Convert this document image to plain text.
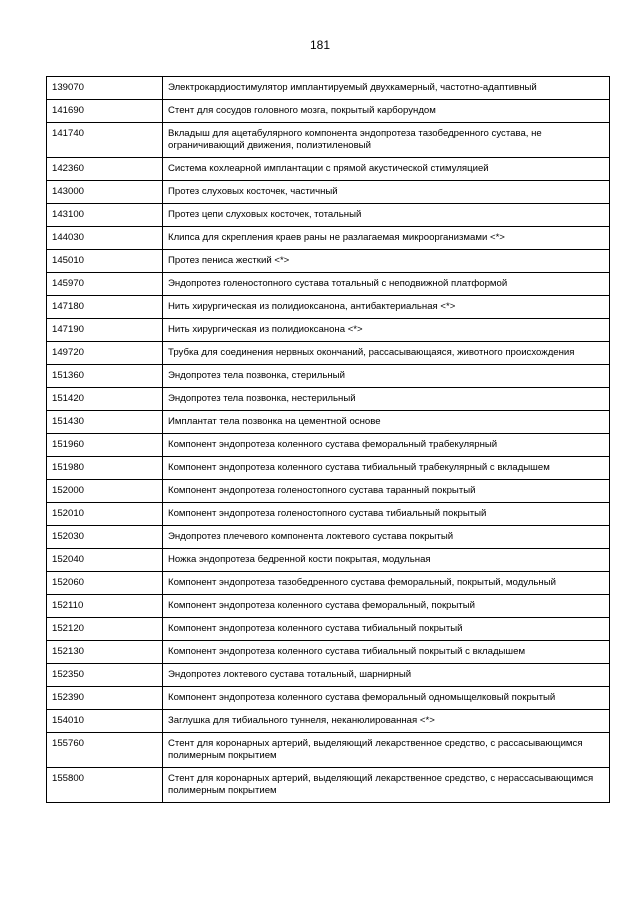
181
139070	Электрокардиостимулятор имплантируемый двухкамерный, частотно-адаптивный
141690	Стент для сосудов головного мозга, покрытый карборундом
141740	Вкладыш для ацетабулярного компонента эндопротеза тазобедренного сустава, не ограничивающий движения, полиэтиленовый
142360	Система кохлеарной имплантации с прямой акустической стимуляцией
143000	Протез слуховых косточек, частичный
143100	Протез цепи слуховых косточек, тотальный
144030	Клипса для скрепления краев раны не разлагаемая микроорганизмами <*>
145010	Протез пениса жесткий <*>
145970	Эндопротез голеностопного сустава тотальный с неподвижной платформой
147180	Нить хирургическая из полидиоксанона, антибактериальная <*>
147190	Нить хирургическая из полидиоксанона <*>
149720	Трубка для соединения нервных окончаний, рассасывающаяся, животного происхождения
151360	Эндопротез тела позвонка, стерильный
151420	Эндопротез тела позвонка, нестерильный
151430	Имплантат тела позвонка на цементной основе
151960	Компонент эндопротеза коленного сустава феморальный трабекулярный
151980	Компонент эндопротеза коленного сустава тибиальный трабекулярный с вкладышем
152000	Компонент эндопротеза голеностопного сустава таранный покрытый
152010	Компонент эндопротеза голеностопного сустава тибиальный покрытый
152030	Эндопротез плечевого компонента локтевого сустава покрытый
152040	Ножка эндопротеза бедренной кости покрытая, модульная
152060	Компонент эндопротеза тазобедренного сустава феморальный, покрытый, модульный
152110	Компонент эндопротеза коленного сустава феморальный, покрытый
152120	Компонент эндопротеза коленного сустава тибиальный покрытый
152130	Компонент эндопротеза коленного сустава тибиальный покрытый с вкладышем
152350	Эндопротез локтевого сустава тотальный, шарнирный
152390	Компонент эндопротеза коленного сустава феморальный одномыщелковый покрытый
154010	Заглушка для тибиального туннеля, неканюлированная <*>
155760	Стент для коронарных артерий, выделяющий лекарственное средство, с рассасывающимся полимерным покрытием
155800	Стент для коронарных артерий, выделяющий лекарственное средство, с нерассасывающимся полимерным покрытием
